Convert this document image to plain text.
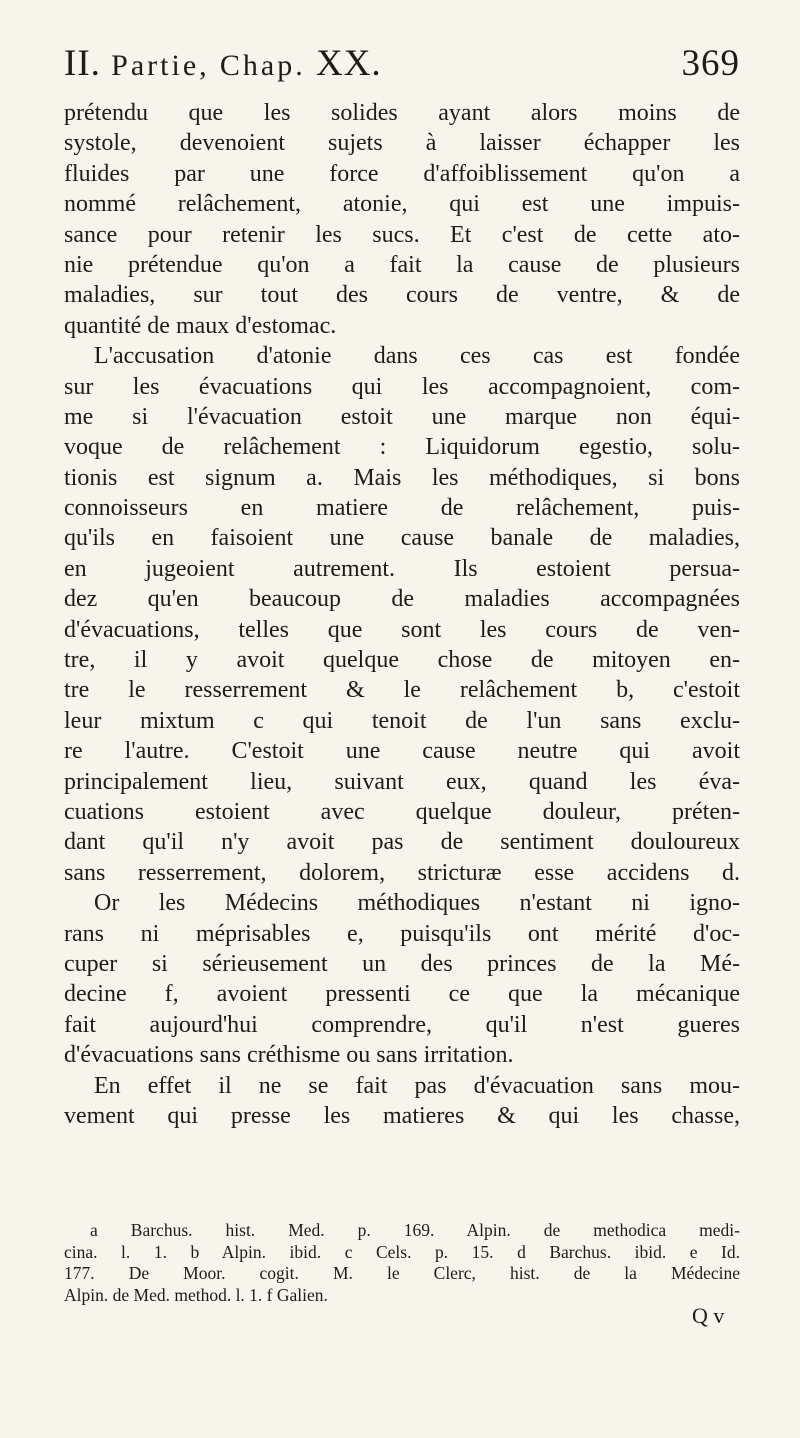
II. Partie, Chap. XX.	369
prétendu que les solides ayant alors moins de
systole, devenoient sujets à laisser échapper les
fluides par une force d'affoiblissement qu'on a
nommé relâchement, atonie, qui est une impuis-
sance pour retenir les sucs. Et c'est de cette ato-
nie prétendue qu'on a fait la cause de plusieurs
maladies, sur tout des cours de ventre, & de
quantité de maux d'estomac.
L'accusation d'atonie dans ces cas est fondée
sur les évacuations qui les accompagnoient, com-
me si l'évacuation estoit une marque non équi-
voque de relâchement : Liquidorum egestio, solu-
tionis est signum a. Mais les méthodiques, si bons
connoisseurs en matiere de relâchement, puis-
qu'ils en faisoient une cause banale de maladies,
en jugeoient autrement. Ils estoient persua-
dez qu'en beaucoup de maladies accompagnées
d'évacuations, telles que sont les cours de ven-
tre, il y avoit quelque chose de mitoyen en-
tre le resserrement & le relâchement b, c'estoit
leur mixtum c qui tenoit de l'un sans exclu-
re l'autre. C'estoit une cause neutre qui avoit
principalement lieu, suivant eux, quand les éva-
cuations estoient avec quelque douleur, préten-
dant qu'il n'y avoit pas de sentiment douloureux
sans resserrement, dolorem, stricturæ esse accidens d.
Or les Médecins méthodiques n'estant ni igno-
rans ni méprisables e, puisqu'ils ont mérité d'oc-
cuper si sérieusement un des princes de la Mé-
decine f, avoient pressenti ce que la mécanique
fait aujourd'hui comprendre, qu'il n'est gueres
d'évacuations sans créthisme ou sans irritation.
En effet il ne se fait pas d'évacuation sans mou-
vement qui presse les matieres & qui les chasse,
a Barchus. hist. Med. p. 169. Alpin. de methodica medi-
cina. l. 1. b Alpin. ibid. c Cels. p. 15. d Barchus. ibid. e Id.
177. De Moor. cogit. M. le Clerc, hist. de la Médecine
Alpin. de Med. method. l. 1. f Galien.
Q v
